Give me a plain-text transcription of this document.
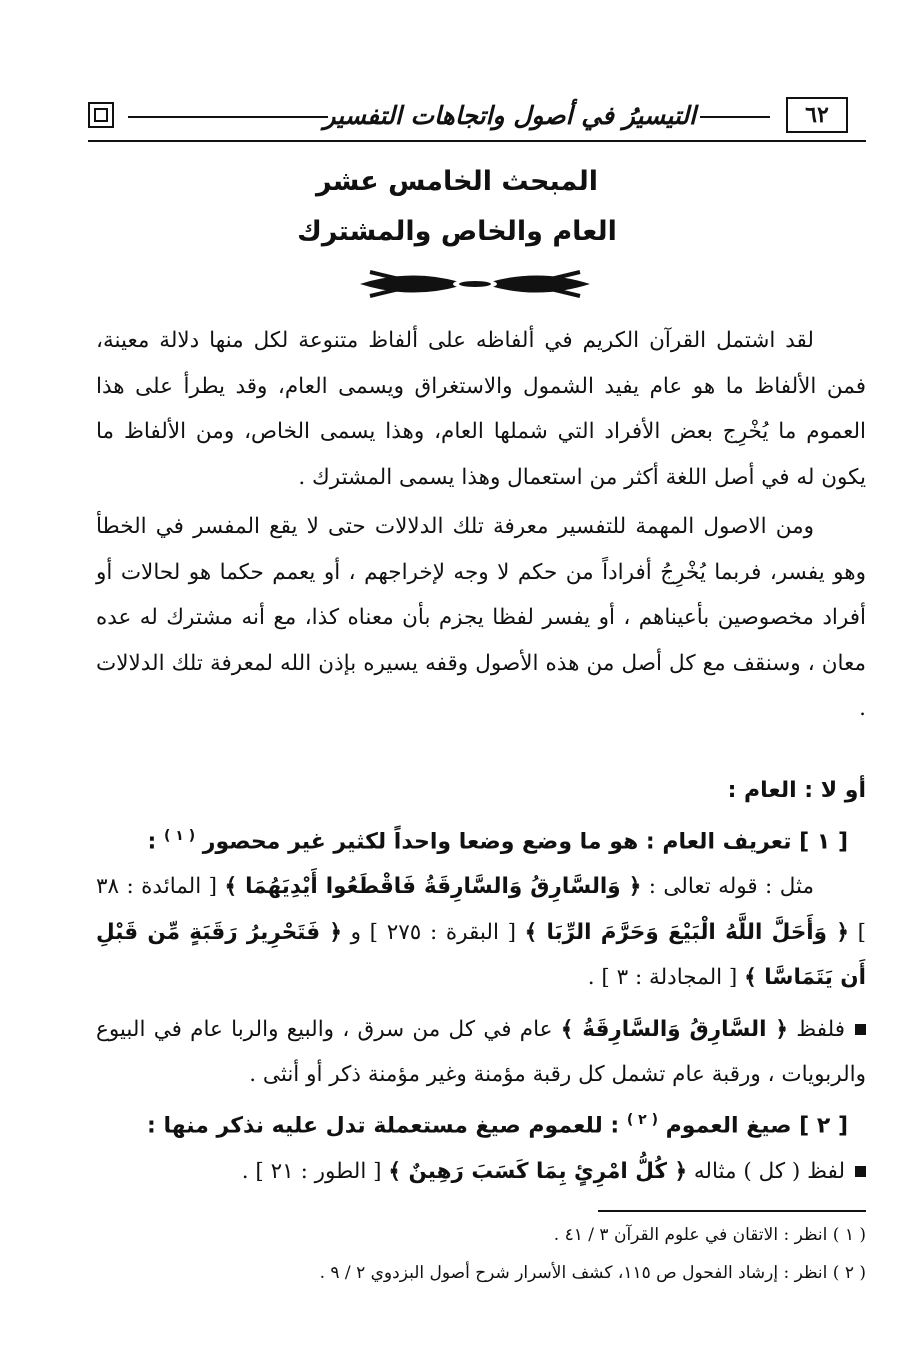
٦٢
التيسيرُ في أصول واتجاهات التفسير
المبحث الخامس عشر
العام والخاص والمشترك

لقد اشتمل القرآن الكريم في ألفاظه على ألفاظ متنوعة لكل منها دلالة معينة، فمن الألفاظ ما هو عام يفيد الشمول والاستغراق ويسمى العام، وقد يطرأ على هذا العموم ما يُخْرِج بعض الأفراد التي شملها العام، وهذا يسمى الخاص، ومن الألفاظ ما يكون له في أصل اللغة أكثر من استعمال وهذا يسمى المشترك .

ومن الاصول المهمة للتفسير معرفة تلك الدلالات حتى لا يقع المفسر في الخطأ وهو يفسر، فربما يُخْرِجُ أفراداً من حكم لا وجه لإخراجهم ، أو يعمم حكما هو لحالات أو أفراد مخصوصين بأعيناهم ، أو يفسر لفظا يجزم بأن معناه كذا، مع أنه مشترك له عده معان ، وسنقف مع كل أصل من هذه الأصول وقفه يسيره بإذن الله لمعرفة تلك الدلالات .

أو لا : العام :

[ ١ ] تعريف العام : هو ما وضع وضعا واحداً لكثير غير محصور $^{( ١ )}$ :

مثل : قوله تعالى : ﴿ وَالسَّارِقُ وَالسَّارِقَةُ فَاقْطَعُوا أَيْدِيَهُمَا ﴾ [ المائدة : ٣٨ ] ﴿ وَأَحَلَّ اللَّهُ الْبَيْعَ وَحَرَّمَ الرِّبَا ﴾ [ البقرة : ٢٧٥ ] و ﴿ فَتَحْرِيرُ رَقَبَةٍ مِّن قَبْلِ أَن يَتَمَاسَّا ﴾ [ المجادلة : ٣ ] .

فلفظ ﴿ السَّارِقُ وَالسَّارِقَةُ ﴾ عام في كل من سرق ، والبيع والربا عام في البيوع والربويات ، ورقبة عام تشمل كل رقبة مؤمنة وغير مؤمنة ذكر أو أنثى .

[ ٢ ] صيغ العموم $^{( ٢ )}$ : للعموم صيغ مستعملة تدل عليه نذكر منها :

لفظ ( كل ) مثاله ﴿ كُلُّ امْرِئٍ بِمَا كَسَبَ رَهِينٌ ﴾ [ الطور : ٢١ ] .

( ١ ) انظر : الاتقان في علوم القرآن ٣ / ٤١ .
( ٢ ) انظر : إرشاد الفحول ص ١١٥، كشف الأسرار شرح أصول البزدوي ٢ / ٩ .
